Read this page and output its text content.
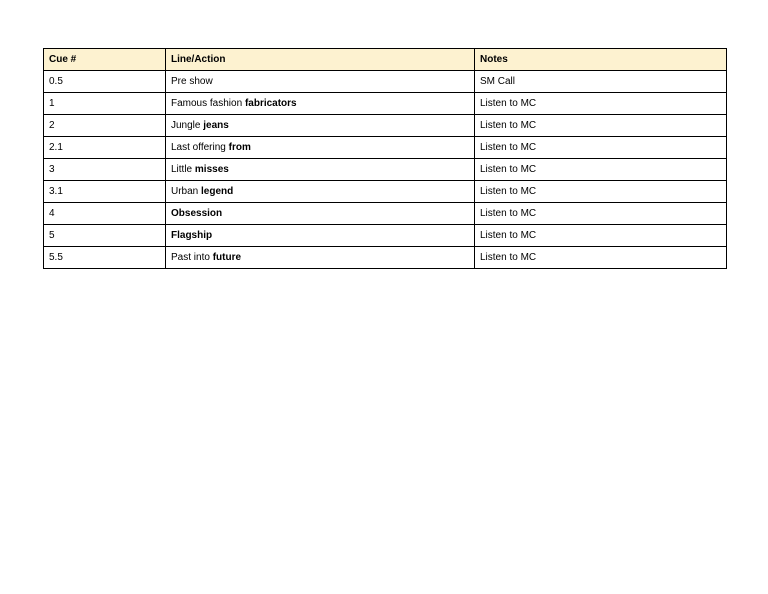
Cue #	Line/Action	Notes
0.5	Pre show	SM Call
1	Famous fashion fabricators	Listen to MC
2	Jungle jeans	Listen to MC
2.1	Last offering from	Listen to MC
3	Little misses	Listen to MC
3.1	Urban legend	Listen to MC
4	Obsession	Listen to MC
5	Flagship	Listen to MC
5.5	Past into future	Listen to MC
